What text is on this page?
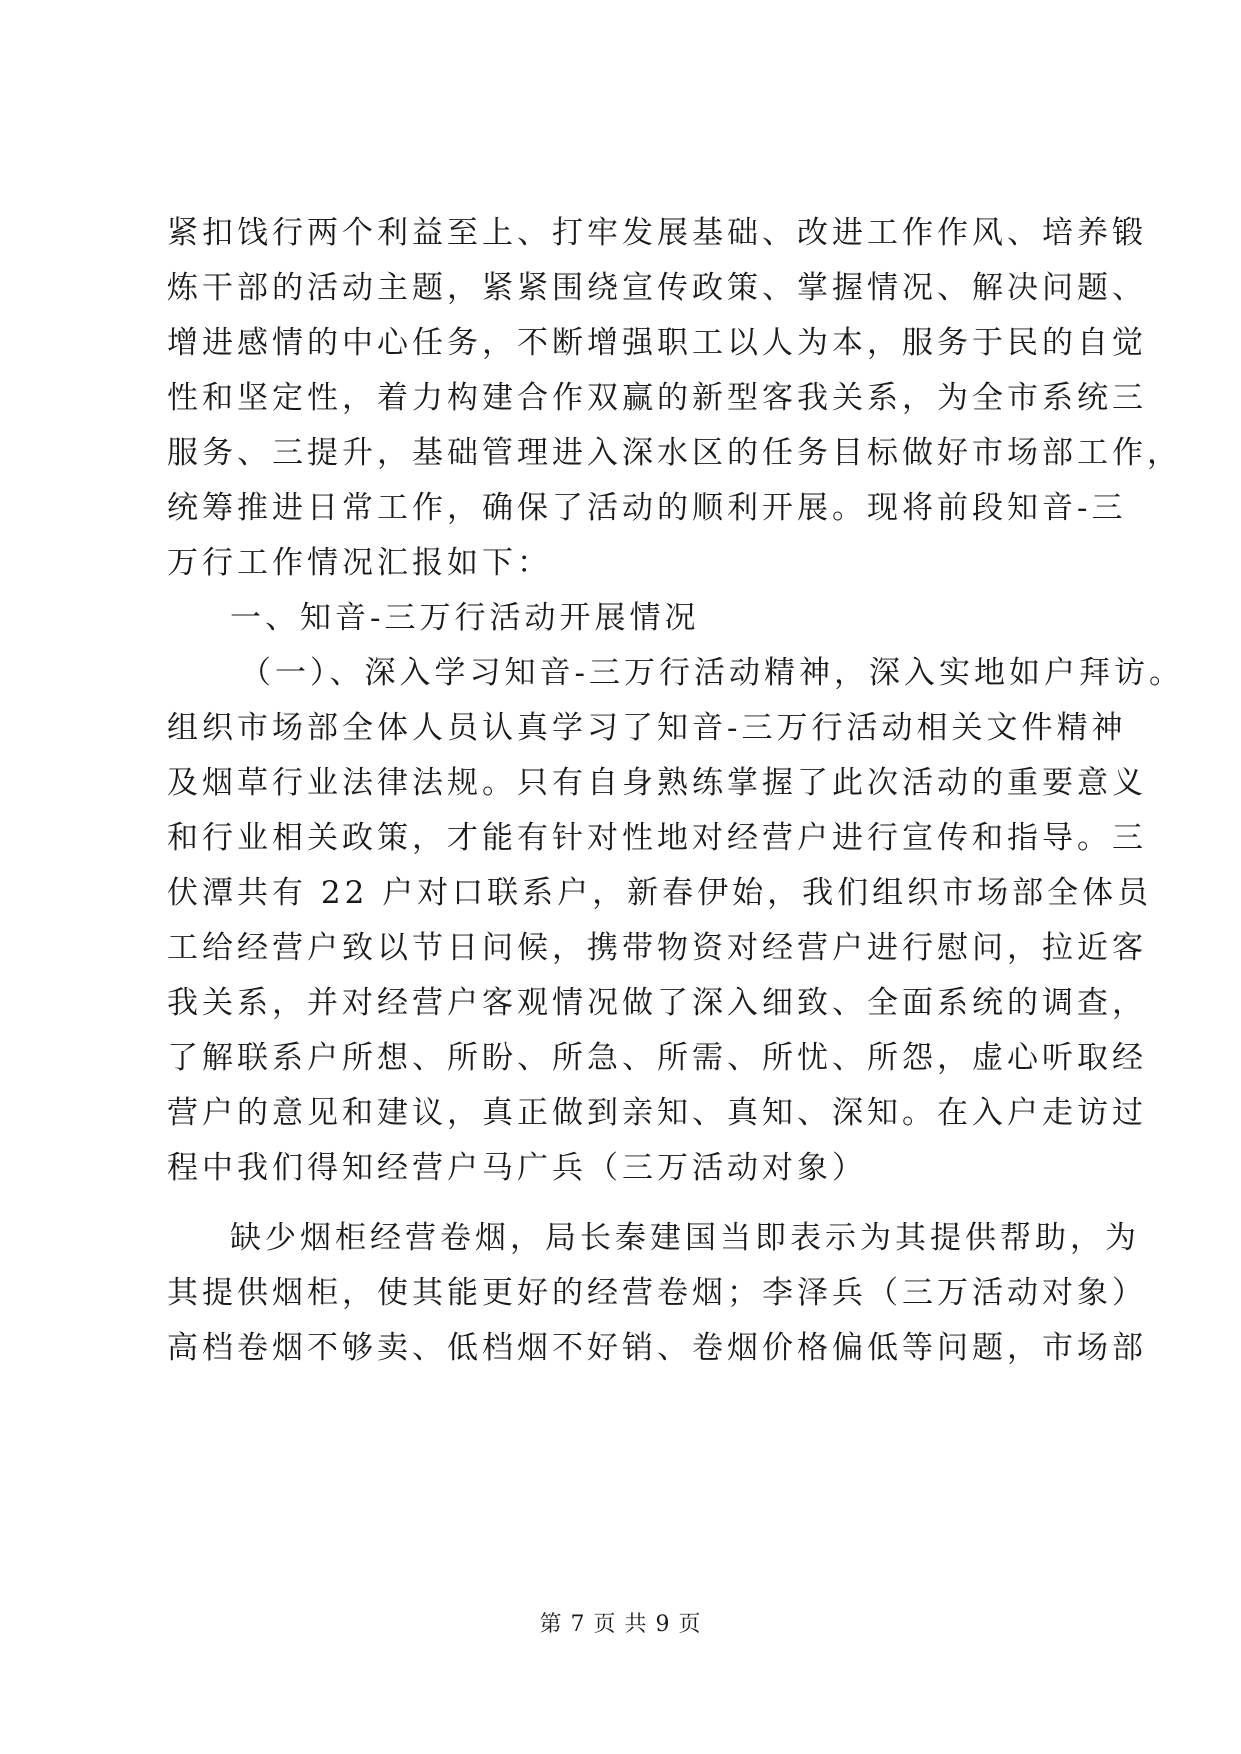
紧扣饯行两个利益至上、打牢发展基础、改进工作作风、培养锻
炼干部的活动主题，紧紧围绕宣传政策、掌握情况、解决问题、
增进感情的中心任务，不断增强职工以人为本，服务于民的自觉
性和坚定性，着力构建合作双赢的新型客我关系，为全市系统三
服务、三提升，基础管理进入深水区的任务目标做好市场部工作，
统筹推进日常工作，确保了活动的顺利开展。现将前段知音-三
万行工作情况汇报如下：
一、知音-三万行活动开展情况
（一）、深入学习知音-三万行活动精神，深入实地如户拜访。
组织市场部全体人员认真学习了知音-三万行活动相关文件精神
及烟草行业法律法规。只有自身熟练掌握了此次活动的重要意义
和行业相关政策，才能有针对性地对经营户进行宣传和指导。三
伏潭共有 22 户对口联系户，新春伊始，我们组织市场部全体员
工给经营户致以节日问候，携带物资对经营户进行慰问，拉近客
我关系，并对经营户客观情况做了深入细致、全面系统的调查，
了解联系户所想、所盼、所急、所需、所忧、所怨，虚心听取经
营户的意见和建议，真正做到亲知、真知、深知。在入户走访过
程中我们得知经营户马广兵（三万活动对象）
缺少烟柜经营卷烟，局长秦建国当即表示为其提供帮助，为
其提供烟柜，使其能更好的经营卷烟；李泽兵（三万活动对象）
高档卷烟不够卖、低档烟不好销、卷烟价格偏低等问题，市场部
第 7 页 共 9 页
